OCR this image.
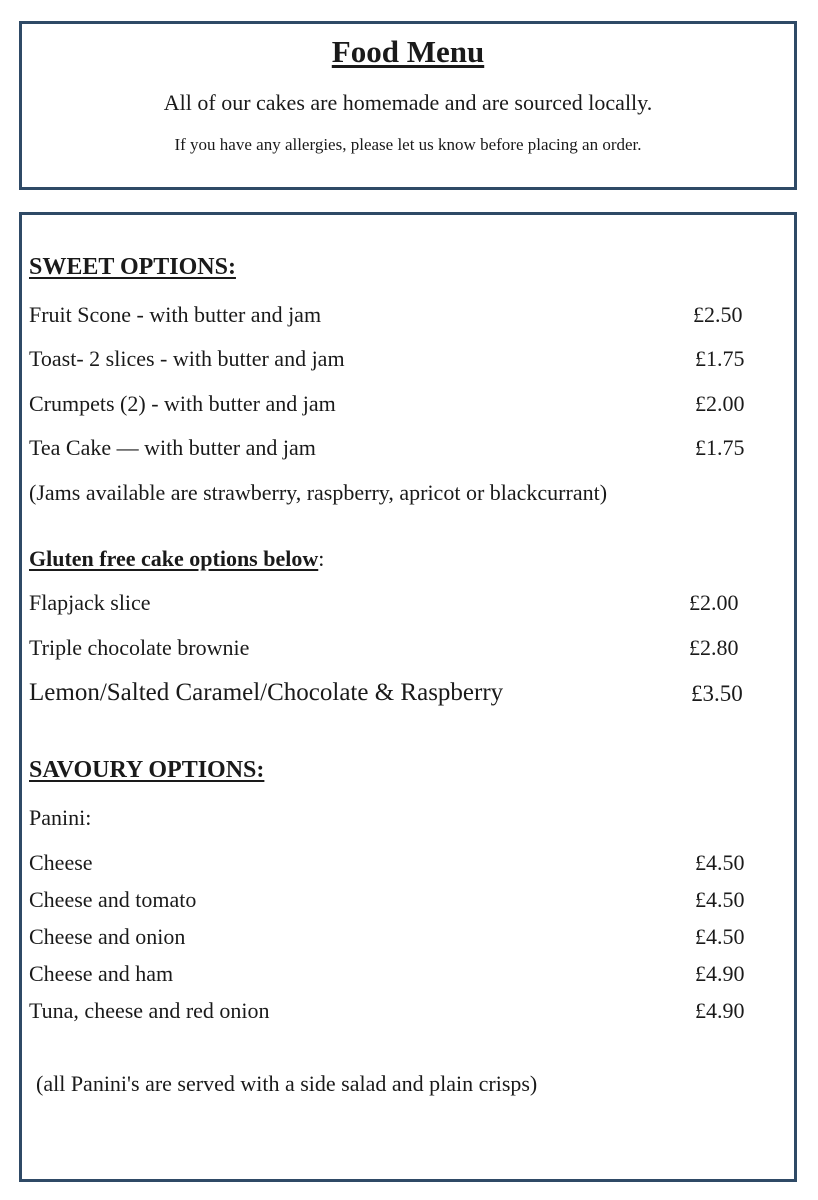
Food Menu
All of our cakes are homemade and are sourced locally.
If you have any allergies, please let us know before placing an order.
SWEET OPTIONS:
Fruit Scone - with butter and jam	£2.50
Toast- 2 slices - with butter and jam	£1.75
Crumpets (2) - with butter and jam	£2.00
Tea Cake — with butter and jam	£1.75
(Jams available are strawberry, raspberry, apricot or blackcurrant)
Gluten free cake options below:
Flapjack slice	£2.00
Triple chocolate brownie	£2.80
Lemon/Salted Caramel/Chocolate & Raspberry	£3.50
SAVOURY OPTIONS:
Panini:
Cheese	£4.50
Cheese and tomato	£4.50
Cheese and onion	£4.50
Cheese and ham	£4.90
Tuna, cheese and red onion	£4.90
(all Panini's are served with a side salad and plain crisps)
